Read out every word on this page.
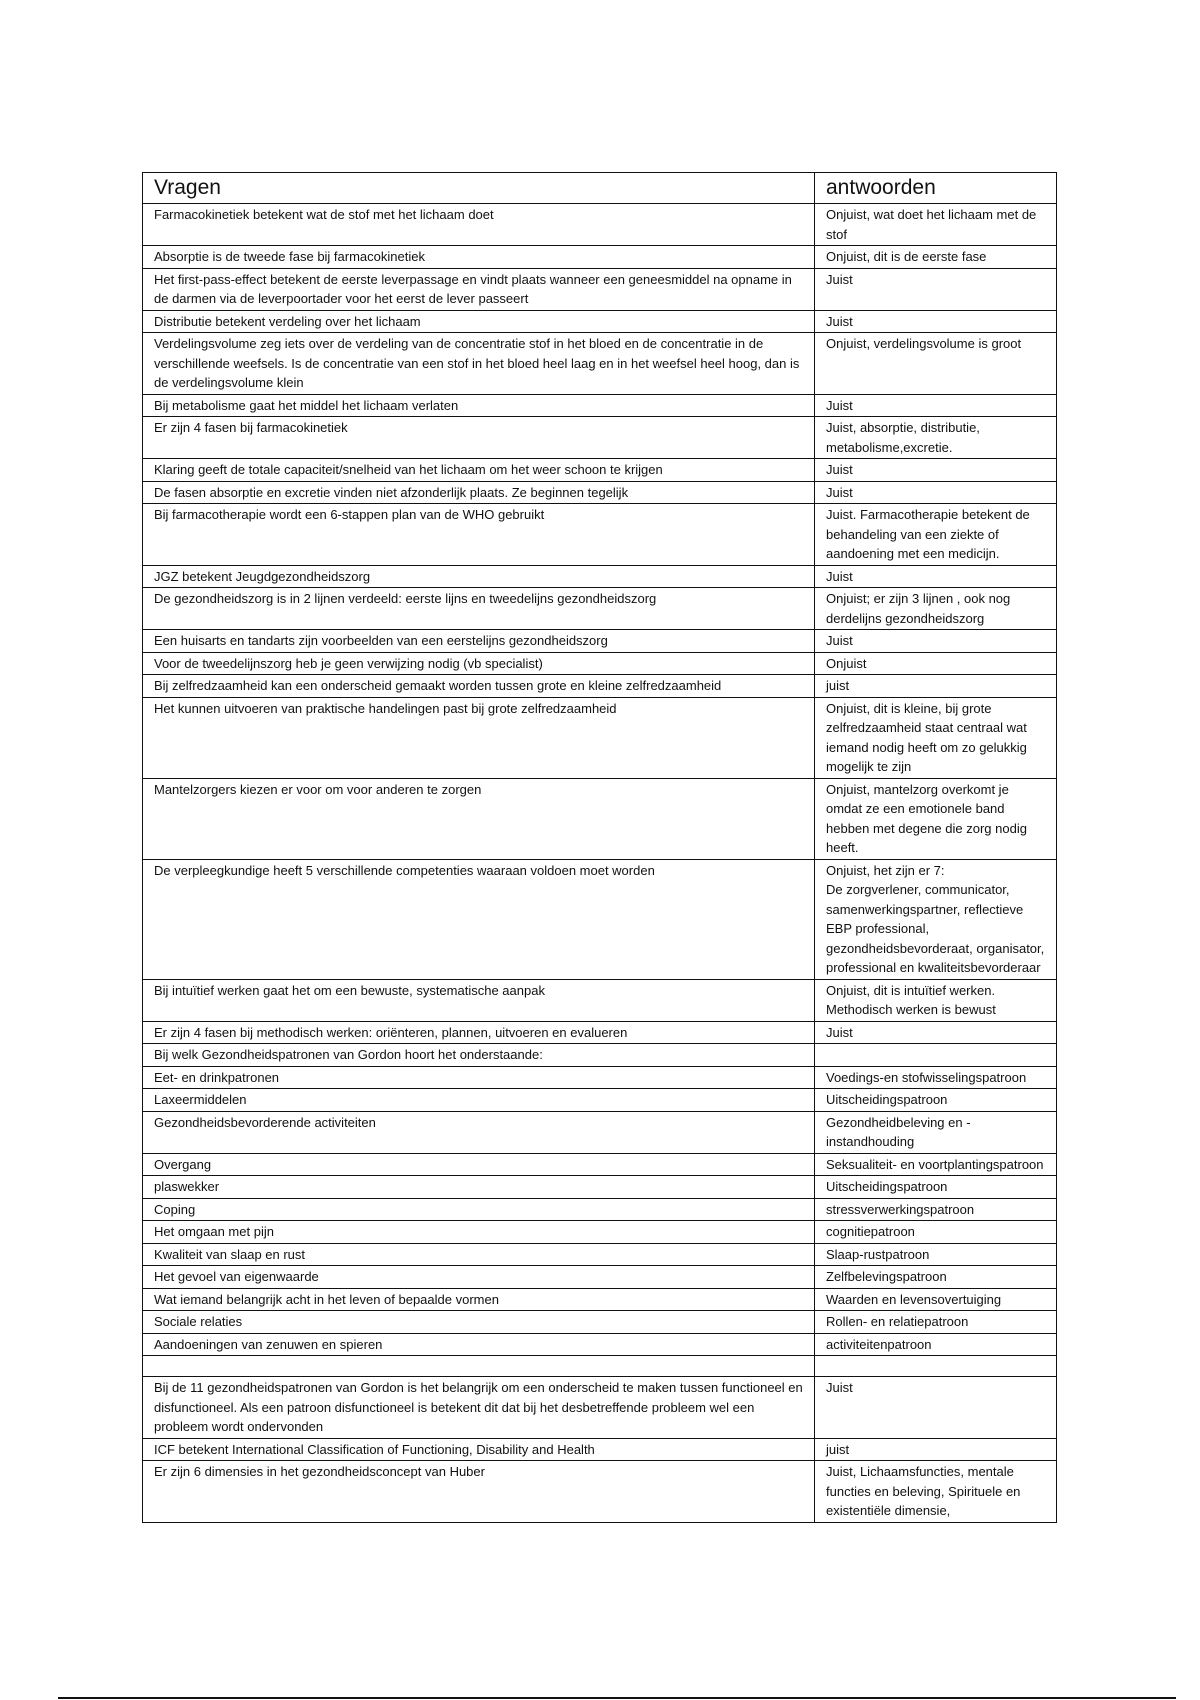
Vragen	antwoorden
Farmacokinetiek betekent wat de stof met het lichaam doet	Onjuist, wat doet het lichaam met de stof
Absorptie is de tweede fase bij farmacokinetiek	Onjuist, dit is de eerste fase
Het first-pass-effect betekent de eerste leverpassage en vindt plaats wanneer een geneesmiddel na opname in de darmen via de leverpoortader voor het eerst de lever passeert	Juist
Distributie betekent verdeling over het lichaam	Juist
Verdelingsvolume zeg iets over de verdeling van de concentratie stof in het bloed en de concentratie in de verschillende weefsels. Is de concentratie van een stof in het bloed heel laag en in het weefsel heel hoog, dan is de verdelingsvolume klein	Onjuist, verdelingsvolume is groot
Bij metabolisme gaat het middel het lichaam verlaten	Juist
Er zijn 4 fasen bij farmacokinetiek	Juist, absorptie, distributie, metabolisme,excretie.
Klaring geeft de totale capaciteit/snelheid van het lichaam om het weer schoon te krijgen	Juist
De fasen absorptie en excretie vinden niet afzonderlijk plaats. Ze beginnen tegelijk	Juist
Bij farmacotherapie wordt een 6-stappen plan van de WHO gebruikt	Juist. Farmacotherapie betekent de behandeling van een ziekte of aandoening met een medicijn.
JGZ betekent Jeugdgezondheidszorg	Juist
De gezondheidszorg is in 2 lijnen verdeeld: eerste lijns en tweedelijns gezondheidszorg	Onjuist; er zijn 3 lijnen , ook nog derdelijns gezondheidszorg
Een huisarts en tandarts zijn voorbeelden van een eerstelijns gezondheidszorg	Juist
Voor de tweedelijnszorg heb je geen verwijzing nodig (vb specialist)	Onjuist
Bij zelfredzaamheid kan een onderscheid gemaakt worden tussen grote en kleine zelfredzaamheid	juist
Het kunnen uitvoeren van praktische handelingen past bij grote zelfredzaamheid	Onjuist, dit is kleine, bij grote zelfredzaamheid staat centraal wat iemand nodig heeft om zo gelukkig mogelijk te zijn
Mantelzorgers kiezen er voor om voor anderen te zorgen	Onjuist, mantelzorg overkomt je omdat ze een emotionele band hebben met degene die zorg nodig heeft.
De verpleegkundige heeft 5 verschillende competenties waaraan voldoen moet worden	Onjuist, het zijn er 7:
De zorgverlener, communicator, samenwerkingspartner, reflectieve EBP professional, gezondheidsbevorderaat, organisator, professional en kwaliteitsbevorderaar
Bij intuïtief werken gaat het om een bewuste, systematische aanpak	Onjuist, dit is intuïtief werken. Methodisch werken is bewust
Er zijn 4 fasen bij methodisch werken: oriënteren, plannen, uitvoeren en evalueren	Juist
Bij welk Gezondheidspatronen van Gordon hoort het onderstaande:	
Eet- en drinkpatronen	Voedings-en stofwisselingspatroon
Laxeermiddelen	Uitscheidingspatroon
Gezondheidsbevorderende activiteiten	Gezondheidbeleving en -instandhouding
Overgang	Seksualiteit- en voortplantingspatroon
plaswekker	Uitscheidingspatroon
Coping	stressverwerkingspatroon
Het omgaan met pijn	cognitiepatroon
Kwaliteit van slaap en rust	Slaap-rustpatroon
Het gevoel van eigenwaarde	Zelfbelevingspatroon
Wat iemand belangrijk acht in het leven of bepaalde vormen	Waarden en levensovertuiging
Sociale relaties	Rollen- en relatiepatroon
Aandoeningen van zenuwen en spieren	activiteitenpatroon

Bij de 11 gezondheidspatronen van Gordon is het belangrijk om een onderscheid te maken tussen functioneel en disfunctioneel. Als een patroon disfunctioneel is betekent dit dat bij het desbetreffende probleem wel een probleem wordt ondervonden	Juist
ICF betekent International Classification of Functioning, Disability and Health	juist
Er zijn 6 dimensies in het gezondheidsconcept van Huber	Juist, Lichaamsfuncties, mentale functies en beleving, Spirituele en existentiële dimensie,
